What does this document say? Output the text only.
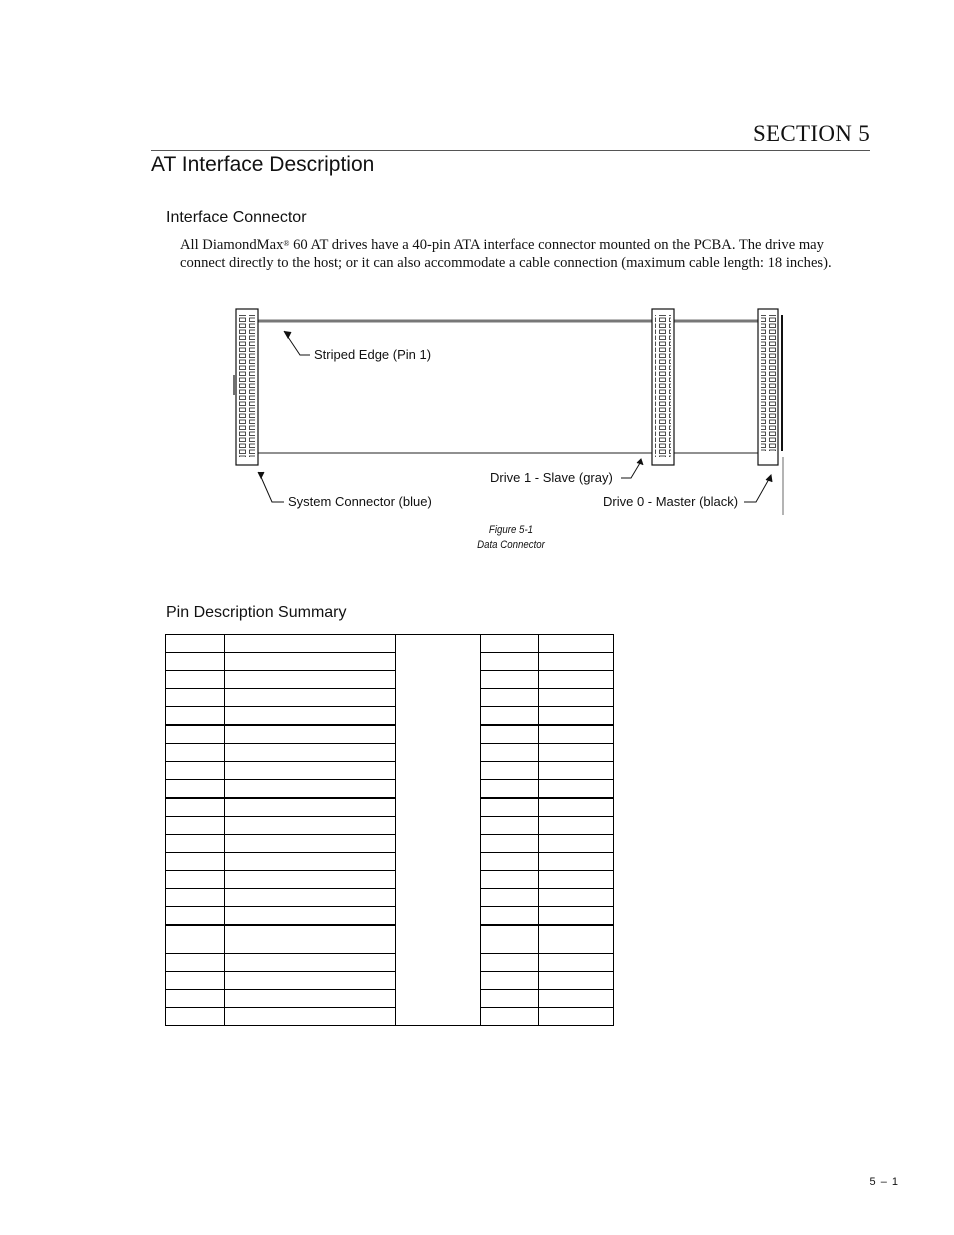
SECTION 5
AT Interface Description
Interface Connector
All DiamondMax® 60 AT drives have a 40-pin ATA interface connector mounted on the PCBA. The drive may connect directly to the host; or it can also accommodate a cable connection (maximum cable length: 18 inches).
Striped Edge (Pin 1)
System Connector (blue)
Drive 1 - Slave (gray)
Drive 0 - Master (black)
Figure 5-1
Data Connector
Pin Description Summary

5 – 1
